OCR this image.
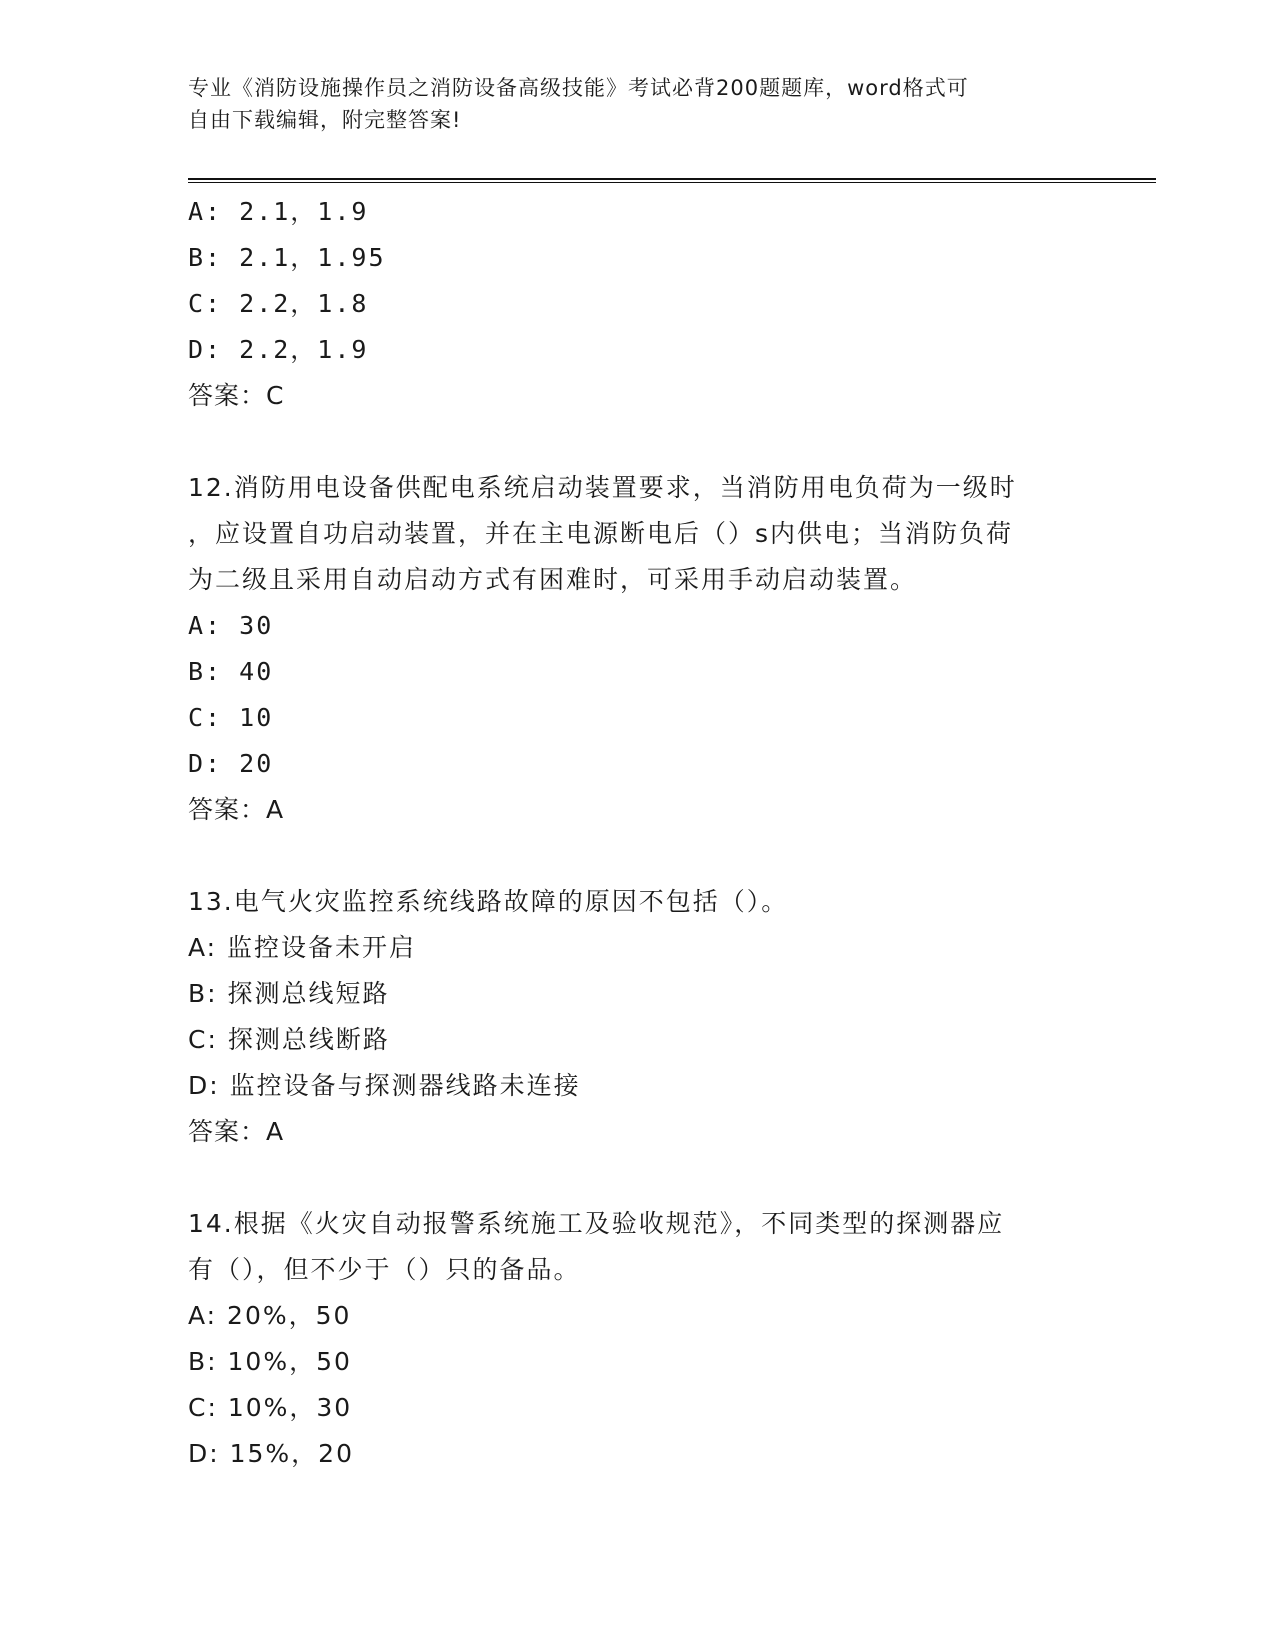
专业《消防设施操作员之消防设备高级技能》考试必背200题题库，word格式可
自由下载编辑，附完整答案!
A: 2.1，1.9
B: 2.1，1.95
C: 2.2，1.8
D: 2.2，1.9
答案：C
12.消防用电设备供配电系统启动装置要求，当消防用电负荷为一级时
，应设置自功启动装置，并在主电源断电后（）s内供电；当消防负荷
为二级且采用自动启动方式有困难时，可采用手动启动装置。
A: 30
B: 40
C: 10
D: 20
答案：A
13.电气火灾监控系统线路故障的原因不包括（）。
A: 监控设备未开启
B: 探测总线短路
C: 探测总线断路
D: 监控设备与探测器线路未连接
答案：A
14.根据《火灾自动报警系统施工及验收规范》，不同类型的探测器应
有（），但不少于（）只的备品。
A: 20%，50
B: 10%，50
C: 10%，30
D: 15%，20
